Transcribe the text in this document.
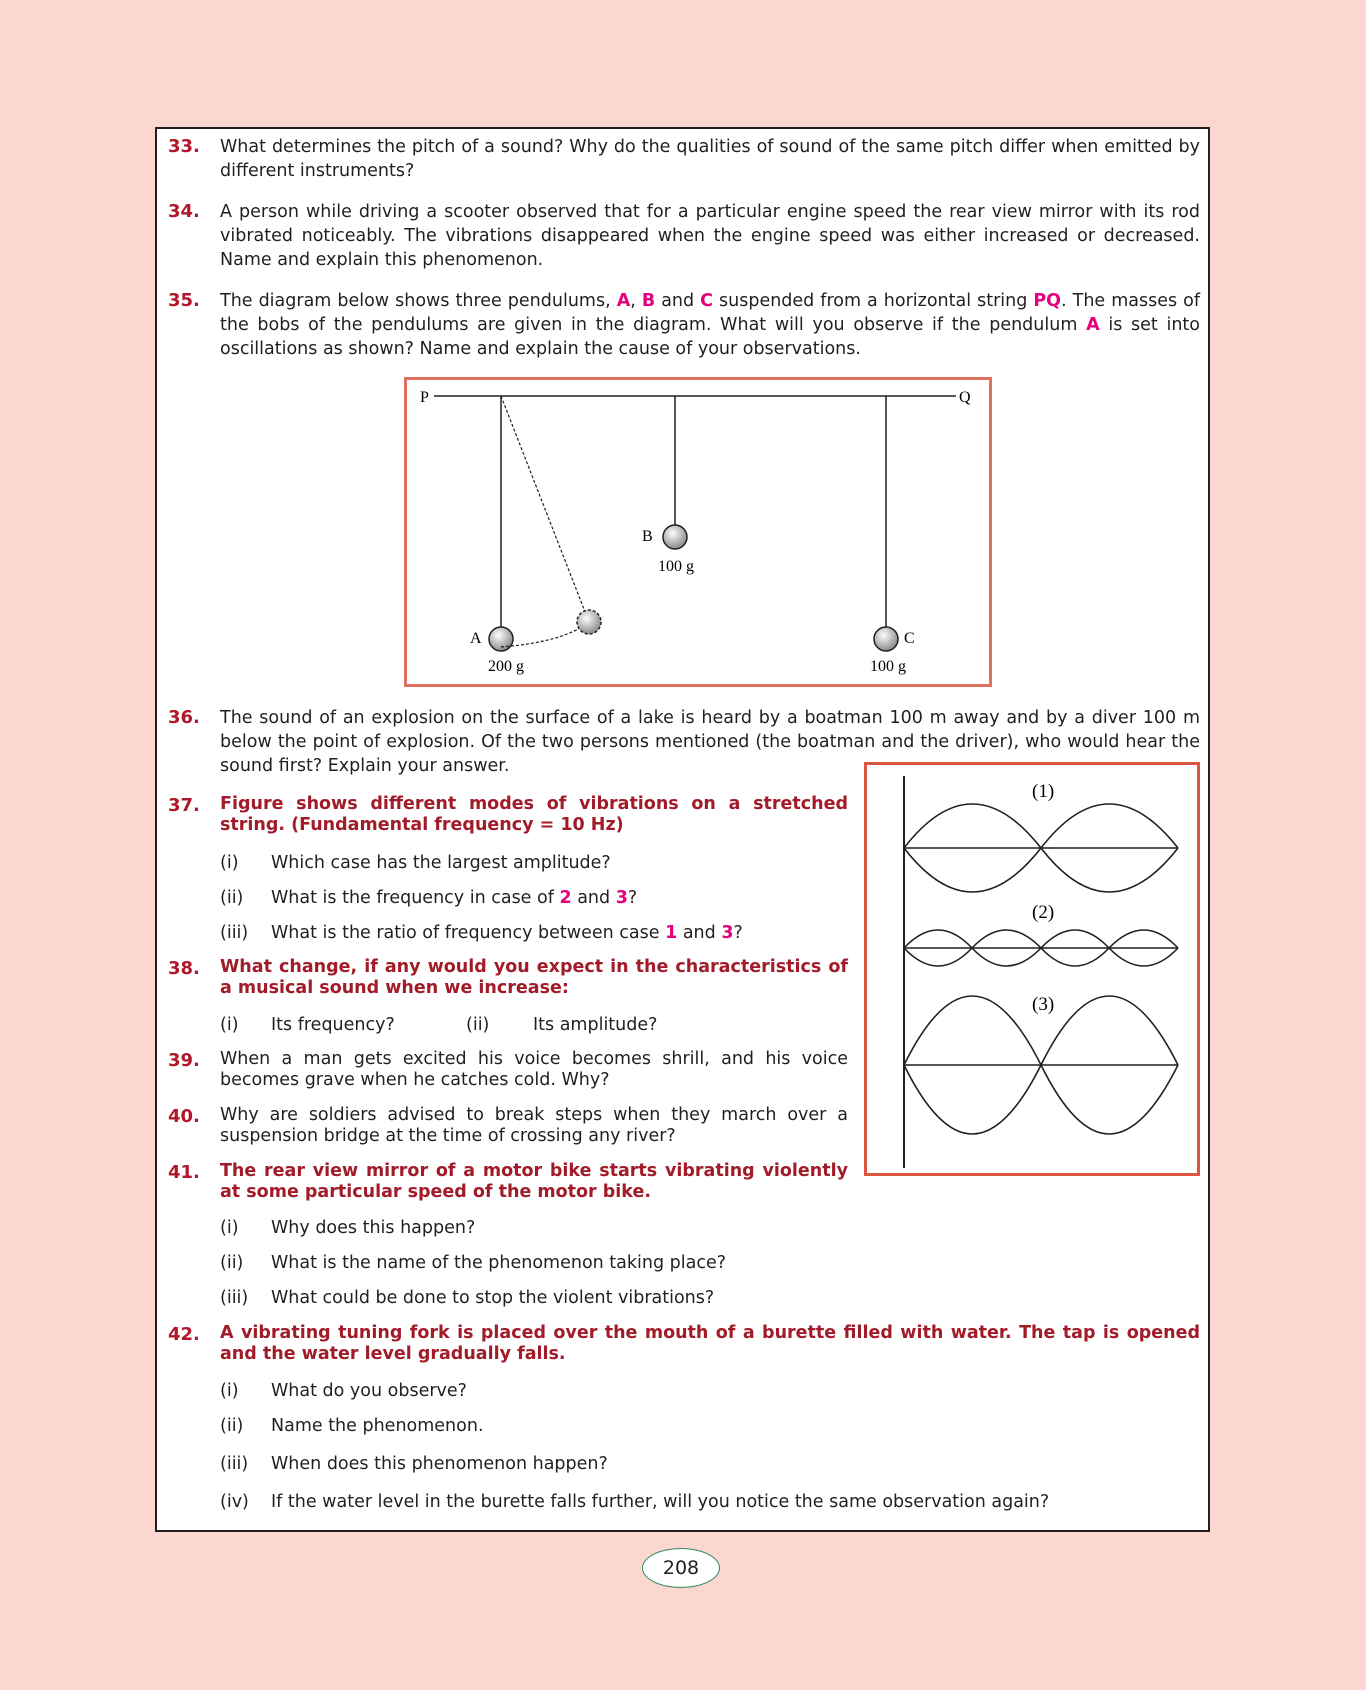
33. What determines the pitch of a sound? Why do the qualities of sound of the same pitch differ when emitted by different instruments?
34. A person while driving a scooter observed that for a particular engine speed the rear view mirror with its rod vibrated noticeably. The vibrations disappeared when the engine speed was either increased or decreased. Name and explain this phenomenon.
35. The diagram below shows three pendulums, A, B and C suspended from a horizontal string PQ. The masses of the bobs of the pendulums are given in the diagram. What will you observe if the pendulum A is set into oscillations as shown? Name and explain the cause of your observations.
P	Q
A
200 g
B
100 g
C
100 g
36. The sound of an explosion on the surface of a lake is heard by a boatman 100 m away and by a diver 100 m below the point of explosion. Of the two persons mentioned (the boatman and the driver), who would hear the sound first? Explain your answer.
(1)
(2)
(3)
37. Figure shows different modes of vibrations on a stretched string. (Fundamental frequency = 10 Hz)
(i) Which case has the largest amplitude?
(ii) What is the frequency in case of 2 and 3?
(iii) What is the ratio of frequency between case 1 and 3?
38. What change, if any would you expect in the characteristics of a musical sound when we increase:
(i) Its frequency?	(ii) Its amplitude?
39. When a man gets excited his voice becomes shrill, and his voice becomes grave when he catches cold. Why?
40. Why are soldiers advised to break steps when they march over a suspension bridge at the time of crossing any river?
41. The rear view mirror of a motor bike starts vibrating violently at some particular speed of the motor bike.
(i) Why does this happen?
(ii) What is the name of the phenomenon taking place?
(iii) What could be done to stop the violent vibrations?
42. A vibrating tuning fork is placed over the mouth of a burette filled with water. The tap is opened and the water level gradually falls.
(i) What do you observe?
(ii) Name the phenomenon.
(iii) When does this phenomenon happen?
(iv) If the water level in the burette falls further, will you notice the same observation again?
208
